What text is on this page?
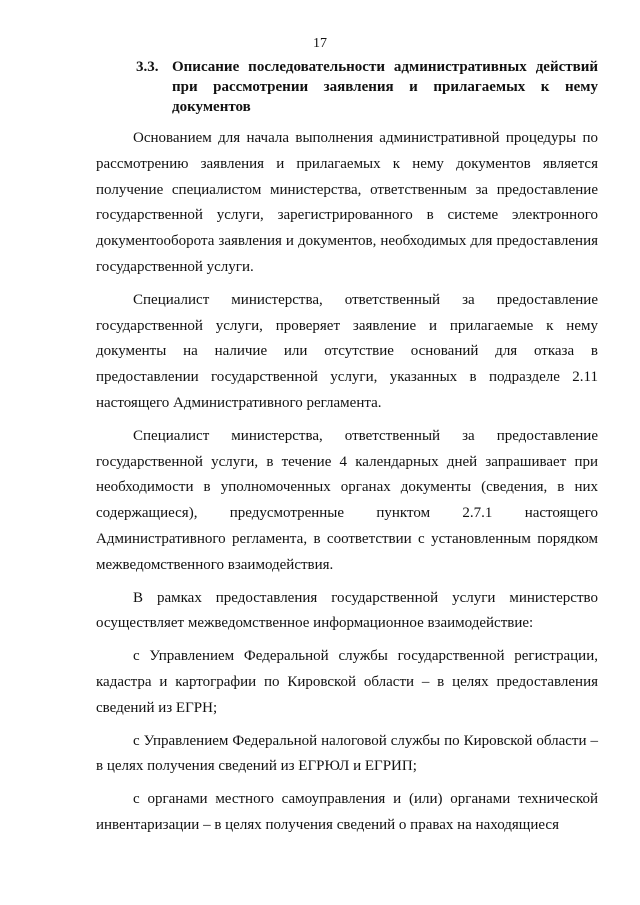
17
3.3. Описание последовательности административных действий при рассмотрении заявления и прилагаемых к нему документов

Основанием для начала выполнения административной процедуры по рассмотрению заявления и прилагаемых к нему документов является получение специалистом министерства, ответственным за предоставление государственной услуги, зарегистрированного в системе электронного документооборота заявления и документов, необходимых для предоставления государственной услуги.

Специалист министерства, ответственный за предоставление государственной услуги, проверяет заявление и прилагаемые к нему документы на наличие или отсутствие оснований для отказа в предоставлении государственной услуги, указанных в подразделе 2.11 настоящего Административного регламента.

Специалист министерства, ответственный за предоставление государственной услуги, в течение 4 календарных дней запрашивает при необходимости в уполномоченных органах документы (сведения, в них содержащиеся), предусмотренные пунктом 2.7.1 настоящего Административного регламента, в соответствии с установленным порядком межведомственного взаимодействия.

В рамках предоставления государственной услуги министерство осуществляет межведомственное информационное взаимодействие:

с Управлением Федеральной службы государственной регистрации, кадастра и картографии по Кировской области – в целях предоставления сведений из ЕГРН;

с Управлением Федеральной налоговой службы по Кировской области – в целях получения сведений из ЕГРЮЛ и ЕГРИП;

с органами местного самоуправления и (или) органами технической инвентаризации – в целях получения сведений о правах на находящиеся
